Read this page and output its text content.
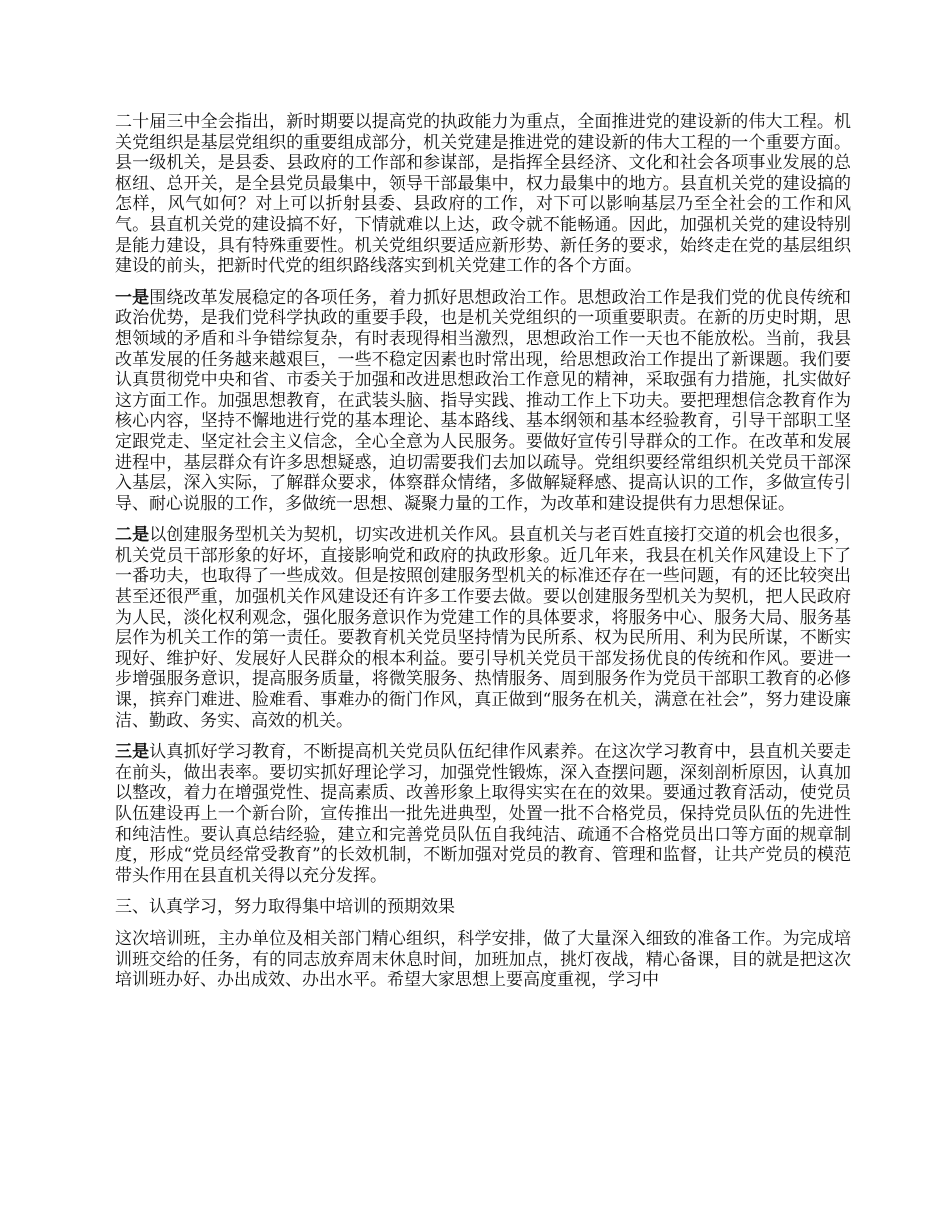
二十届三中全会指出，新时期要以提高党的执政能力为重点，全面推进党的建设新的伟大工程。机关党组织是基层党组织的重要组成部分，机关党建是推进党的建设新的伟大工程的一个重要方面。县一级机关，是县委、县政府的工作部和参谋部，是指挥全县经济、文化和社会各项事业发展的总枢纽、总开关，是全县党员最集中，领导干部最集中，权力最集中的地方。县直机关党的建设搞的怎样，风气如何？对上可以折射县委、县政府的工作，对下可以影响基层乃至全社会的工作和风气。县直机关党的建设搞不好，下情就难以上达，政令就不能畅通。因此，加强机关党的建设特别是能力建设，具有特殊重要性。机关党组织要适应新形势、新任务的要求，始终走在党的基层组织建设的前头，把新时代党的组织路线落实到机关党建工作的各个方面。

一是围绕改革发展稳定的各项任务，着力抓好思想政治工作。思想政治工作是我们党的优良传统和政治优势，是我们党科学执政的重要手段，也是机关党组织的一项重要职责。在新的历史时期，思想领域的矛盾和斗争错综复杂，有时表现得相当激烈，思想政治工作一天也不能放松。当前，我县改革发展的任务越来越艰巨，一些不稳定因素也时常出现，给思想政治工作提出了新课题。我们要认真贯彻党中央和省、市委关于加强和改进思想政治工作意见的精神，采取强有力措施，扎实做好这方面工作。加强思想教育，在武装头脑、指导实践、推动工作上下功夫。要把理想信念教育作为核心内容，坚持不懈地进行党的基本理论、基本路线、基本纲领和基本经验教育，引导干部职工坚定跟党走、坚定社会主义信念，全心全意为人民服务。要做好宣传引导群众的工作。在改革和发展进程中，基层群众有许多思想疑惑，迫切需要我们去加以疏导。党组织要经常组织机关党员干部深入基层，深入实际，了解群众要求，体察群众情绪，多做解疑释感、提高认识的工作，多做宣传引导、耐心说服的工作，多做统一思想、凝聚力量的工作，为改革和建设提供有力思想保证。

二是以创建服务型机关为契机，切实改进机关作风。县直机关与老百姓直接打交道的机会也很多，机关党员干部形象的好坏，直接影响党和政府的执政形象。近几年来，我县在机关作风建设上下了一番功夫，也取得了一些成效。但是按照创建服务型机关的标准还存在一些问题，有的还比较突出甚至还很严重，加强机关作风建设还有许多工作要去做。要以创建服务型机关为契机，把人民政府为人民，淡化权利观念，强化服务意识作为党建工作的具体要求，将服务中心、服务大局、服务基层作为机关工作的第一责任。要教育机关党员坚持情为民所系、权为民所用、利为民所谋，不断实现好、维护好、发展好人民群众的根本利益。要引导机关党员干部发扬优良的传统和作风。要进一步增强服务意识，提高服务质量，将微笑服务、热情服务、周到服务作为党员干部职工教育的必修课，摈弃门难进、脸难看、事难办的衙门作风，真正做到“服务在机关，满意在社会”，努力建设廉洁、勤政、务实、高效的机关。

三是认真抓好学习教育，不断提高机关党员队伍纪律作风素养。在这次学习教育中，县直机关要走在前头，做出表率。要切实抓好理论学习，加强党性锻炼，深入查摆问题，深刻剖析原因，认真加以整改，着力在增强党性、提高素质、改善形象上取得实实在在的效果。要通过教育活动，使党员队伍建设再上一个新台阶，宣传推出一批先进典型，处置一批不合格党员，保持党员队伍的先进性和纯洁性。要认真总结经验，建立和完善党员队伍自我纯洁、疏通不合格党员出口等方面的规章制度，形成“党员经常受教育”的长效机制，不断加强对党员的教育、管理和监督，让共产党员的模范带头作用在县直机关得以充分发挥。

三、认真学习，努力取得集中培训的预期效果

这次培训班，主办单位及相关部门精心组织，科学安排，做了大量深入细致的准备工作。为完成培训班交给的任务，有的同志放弃周末休息时间，加班加点，挑灯夜战，精心备课，目的就是把这次培训班办好、办出成效、办出水平。希望大家思想上要高度重视，学习中
